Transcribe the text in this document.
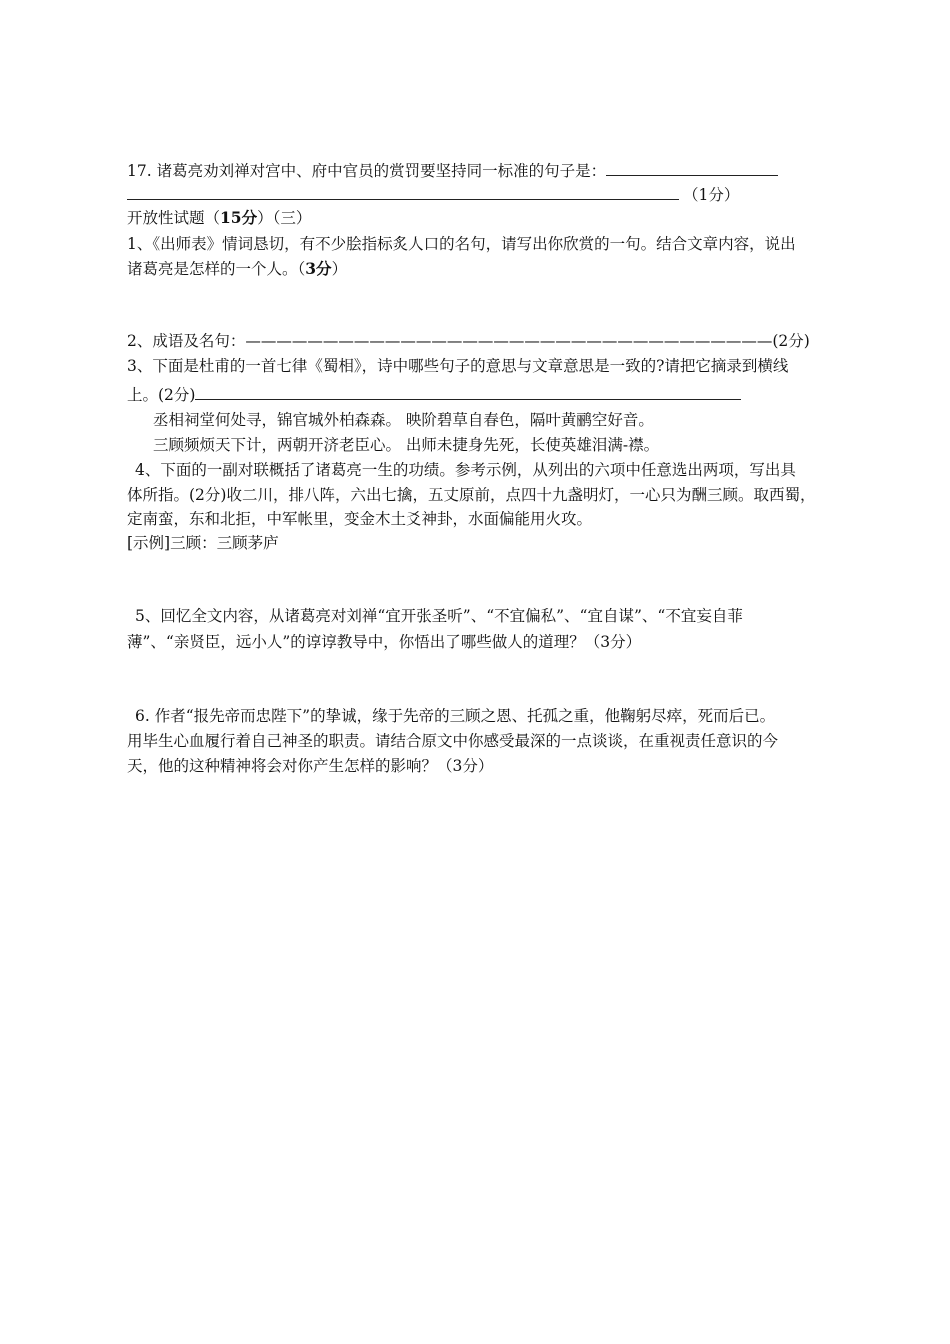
17. 诸葛亮劝刘禅对宫中、府中官员的赏罚要坚持同一标准的句子是：
（1分）
开放性试题（15分）（三）
1、《出师表》情词恳切，有不少脍指标炙人口的名句，请写出你欣赏的一句。结合文章内容，说出
诸葛亮是怎样的一个人。（3分）
2、成语及名句：——————————————————————————————————(2分)
3、下面是杜甫的一首七律《蜀相》，诗中哪些句子的意思与文章意思是一致的?请把它摘录到横线
上。(2分)
丞相祠堂何处寻，锦官城外柏森森。 映阶碧草自春色，隔叶黄鹂空好音。
三顾频烦天下计，两朝开济老臣心。 出师未捷身先死，长使英雄泪满-襟。
4、下面的一副对联概括了诸葛亮一生的功绩。参考示例，从列出的六项中任意选出两项，写出具
体所指。(2分)收二川，排八阵，六出七擒，五丈原前，点四十九盏明灯，一心只为酬三顾。取西蜀，
定南蛮，东和北拒，中军帐里，变金木土爻神卦，水面偏能用火攻。
[示例]三顾：三顾茅庐
5、回忆全文内容，从诸葛亮对刘禅“宜开张圣听”、“不宜偏私”、“宜自谋”、“不宜妄自菲
薄”、“亲贤臣，远小人”的谆谆教导中，你悟出了哪些做人的道理？（3分）
6. 作者“报先帝而忠陛下”的挚诚，缘于先帝的三顾之恩、托孤之重，他鞠躬尽瘁，死而后已。
用毕生心血履行着自己神圣的职责。请结合原文中你感受最深的一点谈谈，在重视责任意识的今
天，他的这种精神将会对你产生怎样的影响？（3分）
